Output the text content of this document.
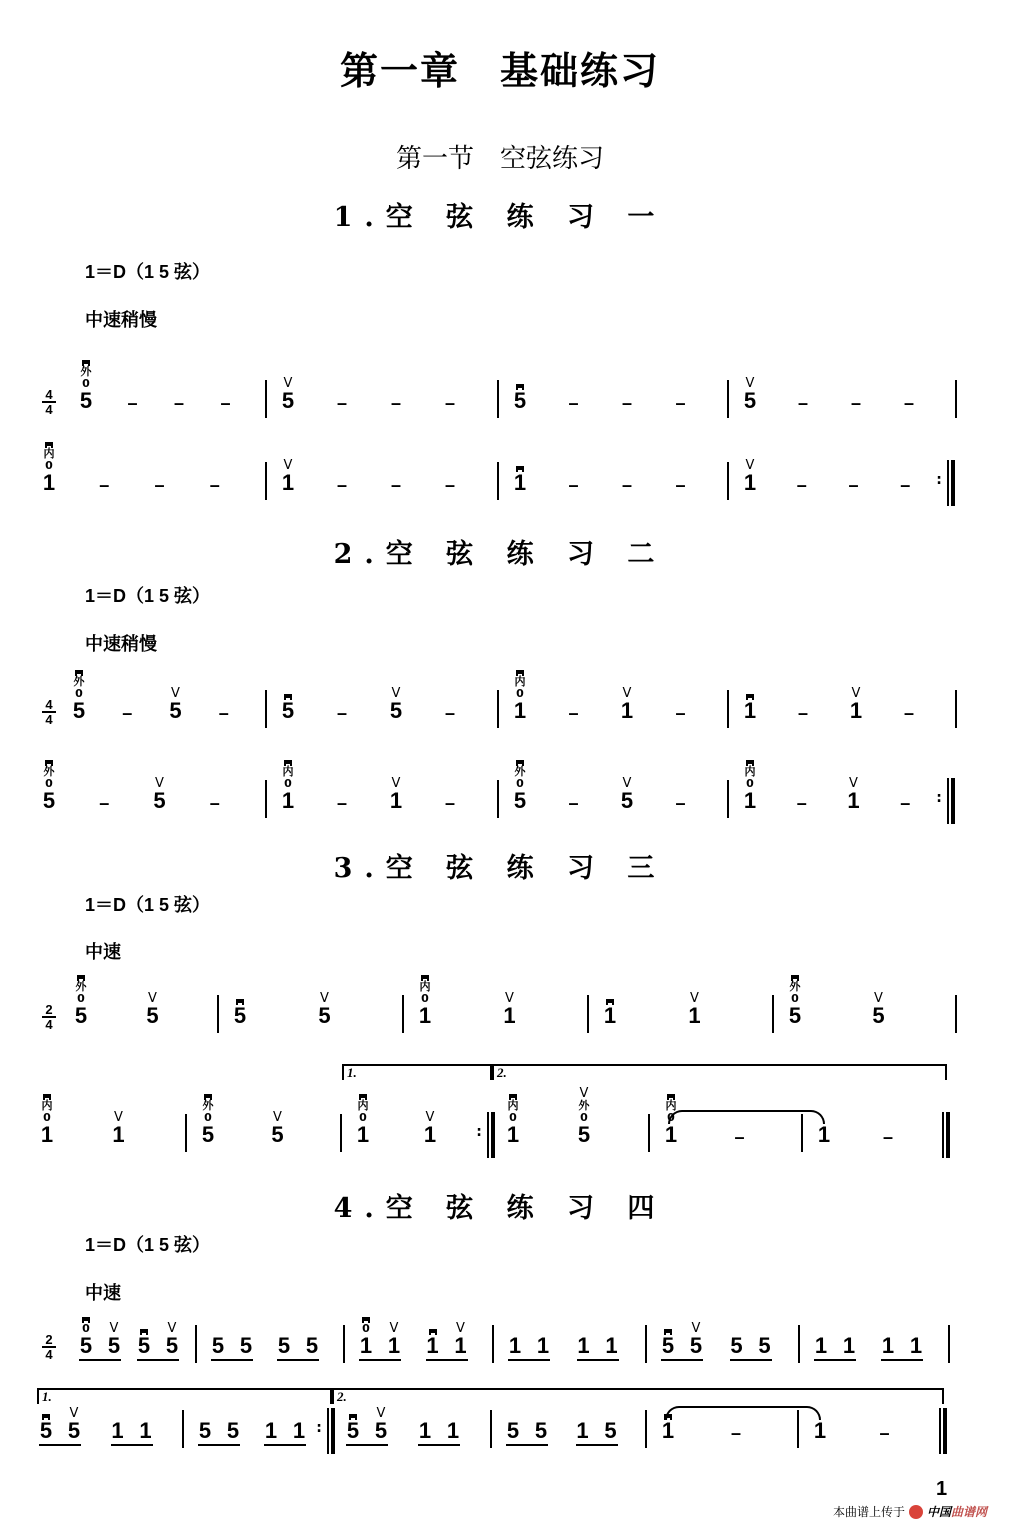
第一章　基础练习
第一节　空弦练习
1.空 弦 练 习 一
1＝D（1 5 弦）
中速稍慢
4
4 5
0
外
– – – 5
V
– – –	5 – – –	5
V
– – –
1
0
内
–	–	–	1
V
– – –	1 – – –	1
V
– – –	:
2.空 弦 练 习 二
1＝D（1 5 弦）
中速稍慢
4
4 5
0
外
– 5
V
– 5 – 5
V
–	1
0
内
– 1
V
–	1 – 1
V
–
5
0
外
– 5
V
–	1
0
内
– 1
V
–	5
0
外
– 5
V
–	1
0
内
– 1
V
–	:
3.空 弦 练 习 三
1＝D（1 5 弦）
中速
2
4 5
0
外
5
V
5	5
V
1
0
内
1
V
1	1
V
5
0
外
5
V
1
0
内
1
V
5
0
外
5
V
1
0
内
1
V
1
0
内
5
0
外
V
1
0
内
–	1	–
:
1.	2.
4.空 弦 练 习 四
1＝D（1 5 弦）
中速
2
4 5
0
5
V
5 5
V
5 5 5 5 1
0
1
V
1 1
V
1 1 1 1 5 5
V
5 5 1 1 1 1
5 5
V
1 1 5 5 1 1 5 5
V
1 1 5 5 1 5 1	–	1	–
:
1.	2.
1
本曲谱上传于 中国曲谱网
